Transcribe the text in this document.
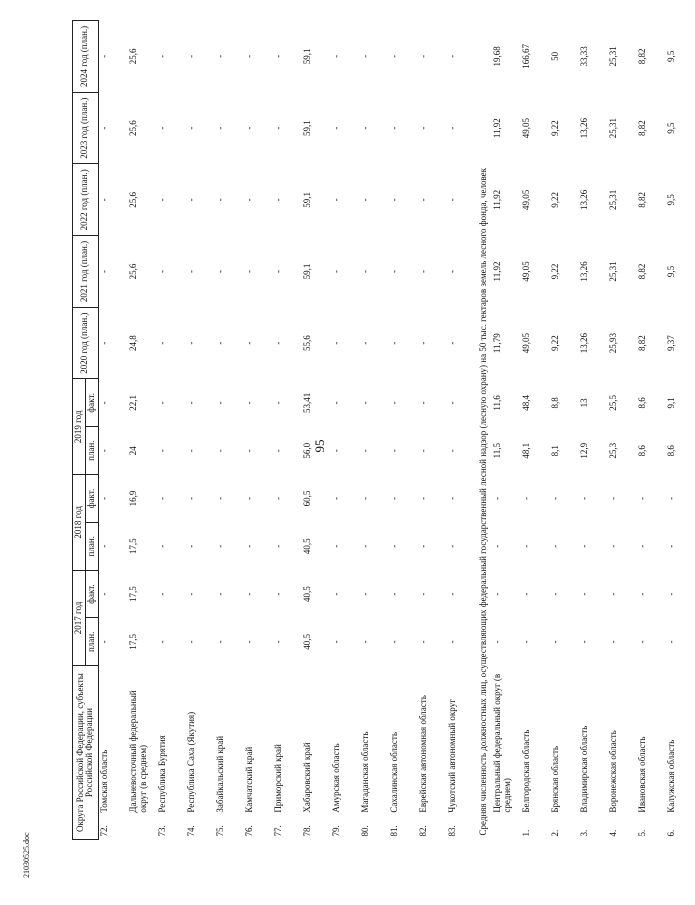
95
21030525.doc
Округа Российской Федерации, субъекты Российской Федерации		2017 год		2018 год		2019 год		2020 год (план.)	2021 год (план.)	2022 год (план.)	2023 год (план.)	2024 год (план.)
		план.	факт.	план.	факт.	план.	факт.					
72.	Томская область	-	-	-	-	-	-	-	-	-	-	-
	Дальневосточный федеральный округ (в среднем)	17,5	17,5	17,5	16,9	24	22,1	24,8	25,6	25,6	25,6	25,6
73.	Республика Бурятия	-	-	-	-	-	-	-	-	-	-	-
74.	Республика Саха (Якутия)	-	-	-	-	-	-	-	-	-	-	-
75.	Забайкальский край	-	-	-	-	-	-	-	-	-	-	-
76.	Камчатский край	-	-	-	-	-	-	-	-	-	-	-
77.	Приморский край	-	-	-	-	-	-	-	-	-	-	-
78.	Хабаровский край	40,5	40,5	40,5	60,5	56,0	53,41	55,6	59,1	59,1	59,1	59,1
79.	Амурская область	-	-	-	-	-	-	-	-	-	-	-
80.	Магаданская область	-	-	-	-	-	-	-	-	-	-	-
81.	Сахалинская область	-	-	-	-	-	-	-	-	-	-	-
82.	Еврейская автономная область	-	-	-	-	-	-	-	-	-	-	-
83.	Чукотский автономный округ	-	-	-	-	-	-	-	-	-	-	-
Средняя численность должностных лиц, осуществляющих федеральный государственный лесной надзор (лесную охрану) на 50 тыс. гектаров земель лесного фонда, человек												
	Центральный федеральный округ (в среднем)	-	-	-	-	11,5	11,6	11,79	11,92	11,92	11,92	19,68
1.	Белгородская область	-	-	-	-	48,1	48,4	49,05	49,05	49,05	49,05	166,67
2.	Брянская область	-	-	-	-	8,1	8,8	9,22	9,22	9,22	9,22	50
3.	Владимирская область	-	-	-	-	12,9	13	13,26	13,26	13,26	13,26	33,33
4.	Воронежская область	-	-	-	-	25,3	25,5	25,93	25,31	25,31	25,31	25,31
5.	Ивановская область	-	-	-	-	8,6	8,6	8,82	8,82	8,82	8,82	8,82
6.	Калужская область	-	-	-	-	8,6	9,1	9,37	9,5	9,5	9,5	9,5
